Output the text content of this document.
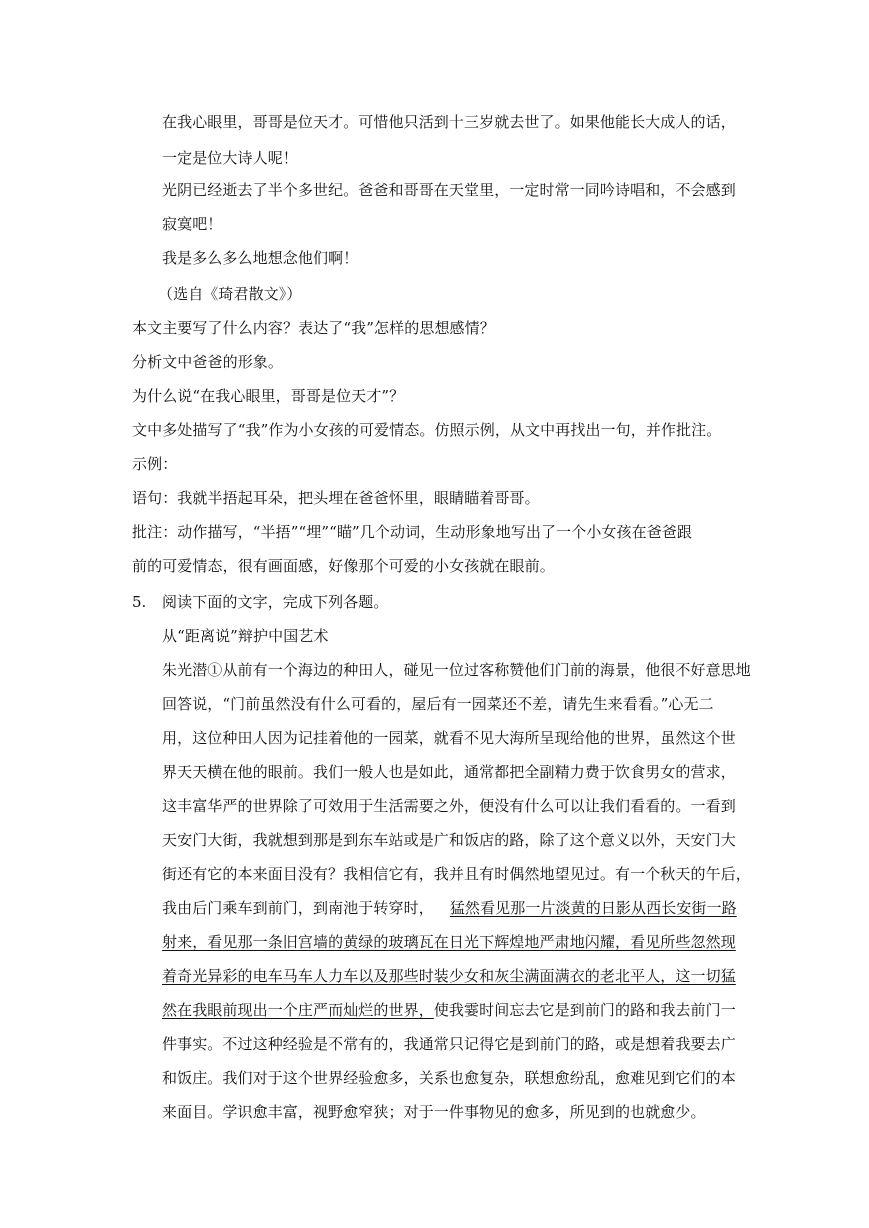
在我心眼里，哥哥是位天才。可惜他只活到十三岁就去世了。如果他能长大成人的话，
一定是位大诗人呢！
光阴已经逝去了半个多世纪。爸爸和哥哥在天堂里，一定时常一同吟诗唱和，不会感到
寂寞吧！
我是多么多么地想念他们啊！
（选自《琦君散文》）
本文主要写了什么内容？表达了“我”怎样的思想感情？
分析文中爸爸的形象。
为什么说“在我心眼里，哥哥是位天才”？
文中多处描写了“我”作为小女孩的可爱情态。仿照示例，从文中再找出一句，并作批注。
示例：
语句：我就半捂起耳朵，把头埋在爸爸怀里，眼睛瞄着哥哥。
批注：动作描写，“半捂”“埋”“瞄”几个动词，生动形象地写出了一个小女孩在爸爸跟
前的可爱情态，很有画面感，好像那个可爱的小女孩就在眼前。
5. 阅读下面的文字，完成下列各题。
从“距离说”辩护中国艺术
朱光潜①从前有一个海边的种田人，碰见一位过客称赞他们门前的海景，他很不好意思地
回答说，“门前虽然没有什么可看的，屋后有一园菜还不差，请先生来看看。”心无二
用，这位种田人因为记挂着他的一园菜，就看不见大海所呈现给他的世界，虽然这个世
界天天横在他的眼前。我们一般人也是如此，通常都把全副精力费于饮食男女的营求，
这丰富华严的世界除了可效用于生活需要之外，便没有什么可以让我们看看的。一看到
天安门大街，我就想到那是到东车站或是广和饭店的路，除了这个意义以外，天安门大
街还有它的本来面目没有？我相信它有，我并且有时偶然地望见过。有一个秋天的午后，
我由后门乘车到前门，到南池于转穿时， 猛然看见那一片淡黄的日影从西长安街一路
射来，看见那一条旧宫墙的黄绿的玻璃瓦在日光下辉煌地严肃地闪耀，看见所些忽然现
着奇光异彩的电车马车人力车以及那些时装少女和灰尘满面满衣的老北平人，这一切猛
然在我眼前现出一个庄严而灿烂的世界，使我霎时间忘去它是到前门的路和我去前门一
件事实。不过这种经验是不常有的，我通常只记得它是到前门的路，或是想着我要去广
和饭庄。我们对于这个世界经验愈多，关系也愈复杂，联想愈纷乱，愈难见到它们的本
来面目。学识愈丰富，视野愈窄狭；对于一件事物见的愈多，所见到的也就愈少。
